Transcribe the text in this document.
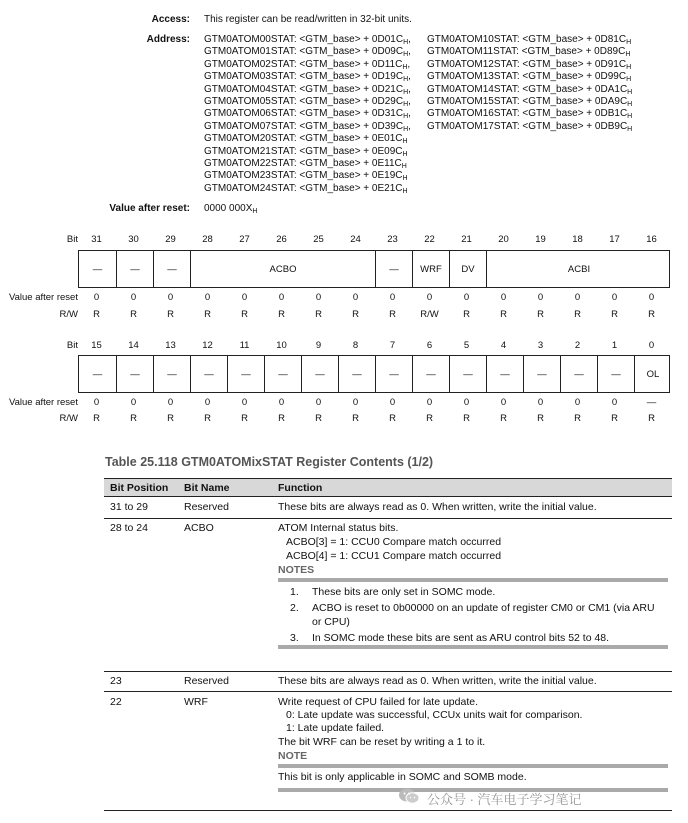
Access: This register can be read/written in 32-bit units.
Address: GTM0ATOM00STAT: <GTM_base> + $0D01C_H$,
GTM0ATOM01STAT: <GTM_base> + $0D09C_H$,
GTM0ATOM02STAT: <GTM_base> + $0D11C_H$,
GTM0ATOM03STAT: <GTM_base> + $0D19C_H$,
GTM0ATOM04STAT: <GTM_base> + $0D21C_H$,
GTM0ATOM05STAT: <GTM_base> + $0D29C_H$,
GTM0ATOM06STAT: <GTM_base> + $0D31C_H$,
GTM0ATOM07STAT: <GTM_base> + $0D39C_H$,
GTM0ATOM20STAT: <GTM_base> + $0E01C_H$
GTM0ATOM21STAT: <GTM_base> + $0E09C_H$
GTM0ATOM22STAT: <GTM_base> + $0E11C_H$
GTM0ATOM23STAT: <GTM_base> + $0E19C_H$
GTM0ATOM24STAT: <GTM_base> + $0E21C_H$
GTM0ATOM10STAT: <GTM_base> + $0D81C_H$
GTM0ATOM11STAT: <GTM_base> + $0D89C_H$
GTM0ATOM12STAT: <GTM_base> + $0D91C_H$
GTM0ATOM13STAT: <GTM_base> + $0D99C_H$
GTM0ATOM14STAT: <GTM_base> + $0DA1C_H$
GTM0ATOM15STAT: <GTM_base> + $0DA9C_H$
GTM0ATOM16STAT: <GTM_base> + $0DB1C_H$
GTM0ATOM17STAT: <GTM_base> + $0DB9C_H$
Value after reset: 0000 $000X_H$
Bit	31	30	29	28	27	26	25	24	23	22	21	20	19	18	17	16
—	—	—	ACBO	—	WRF	DV	ACBI
Value after reset	0	0	0	0	0	0	0	0	0	0	0	0	0	0	0	0
R/W	R	R	R	R	R	R	R	R	R	R/W	R	R	R	R	R	R
Bit	15	14	13	12	11	10	9	8	7	6	5	4	3	2	1	0
—	—	—	—	—	—	—	—	—	—	—	—	—	—	—	OL
Value after reset	0	0	0	0	0	0	0	0	0	0	0	0	0	0	0	—
R/W	R	R	R	R	R	R	R	R	R	R	R	R	R	R	R	R
Table 25.118 GTM0ATOMixSTAT Register Contents (1/2)
Bit Position Bit Name	Function
31 to 29	Reserved	These bits are always read as 0. When written, write the initial value.
28 to 24	ACBO	ATOM Internal status bits.
ACBO[3] = 1: CCU0 Compare match occurred
ACBO[4] = 1: CCU1 Compare match occurred
NOTES
1. These bits are only set in SOMC mode.
2. ACBO is reset to 0b00000 on an update of register CM0 or CM1 (via ARU
or CPU)
3. In SOMC mode these bits are sent as ARU control bits 52 to 48.
23	Reserved	These bits are always read as 0. When written, write the initial value.
22	WRF	Write request of CPU failed for late update.
0: Late update was successful, CCUx units wait for comparison.
1: Late update failed.
The bit WRF can be reset by writing a 1 to it.
NOTE
This bit is only applicable in SOMC and SOMB mode.
公众号 · 汽车电子学习笔记
